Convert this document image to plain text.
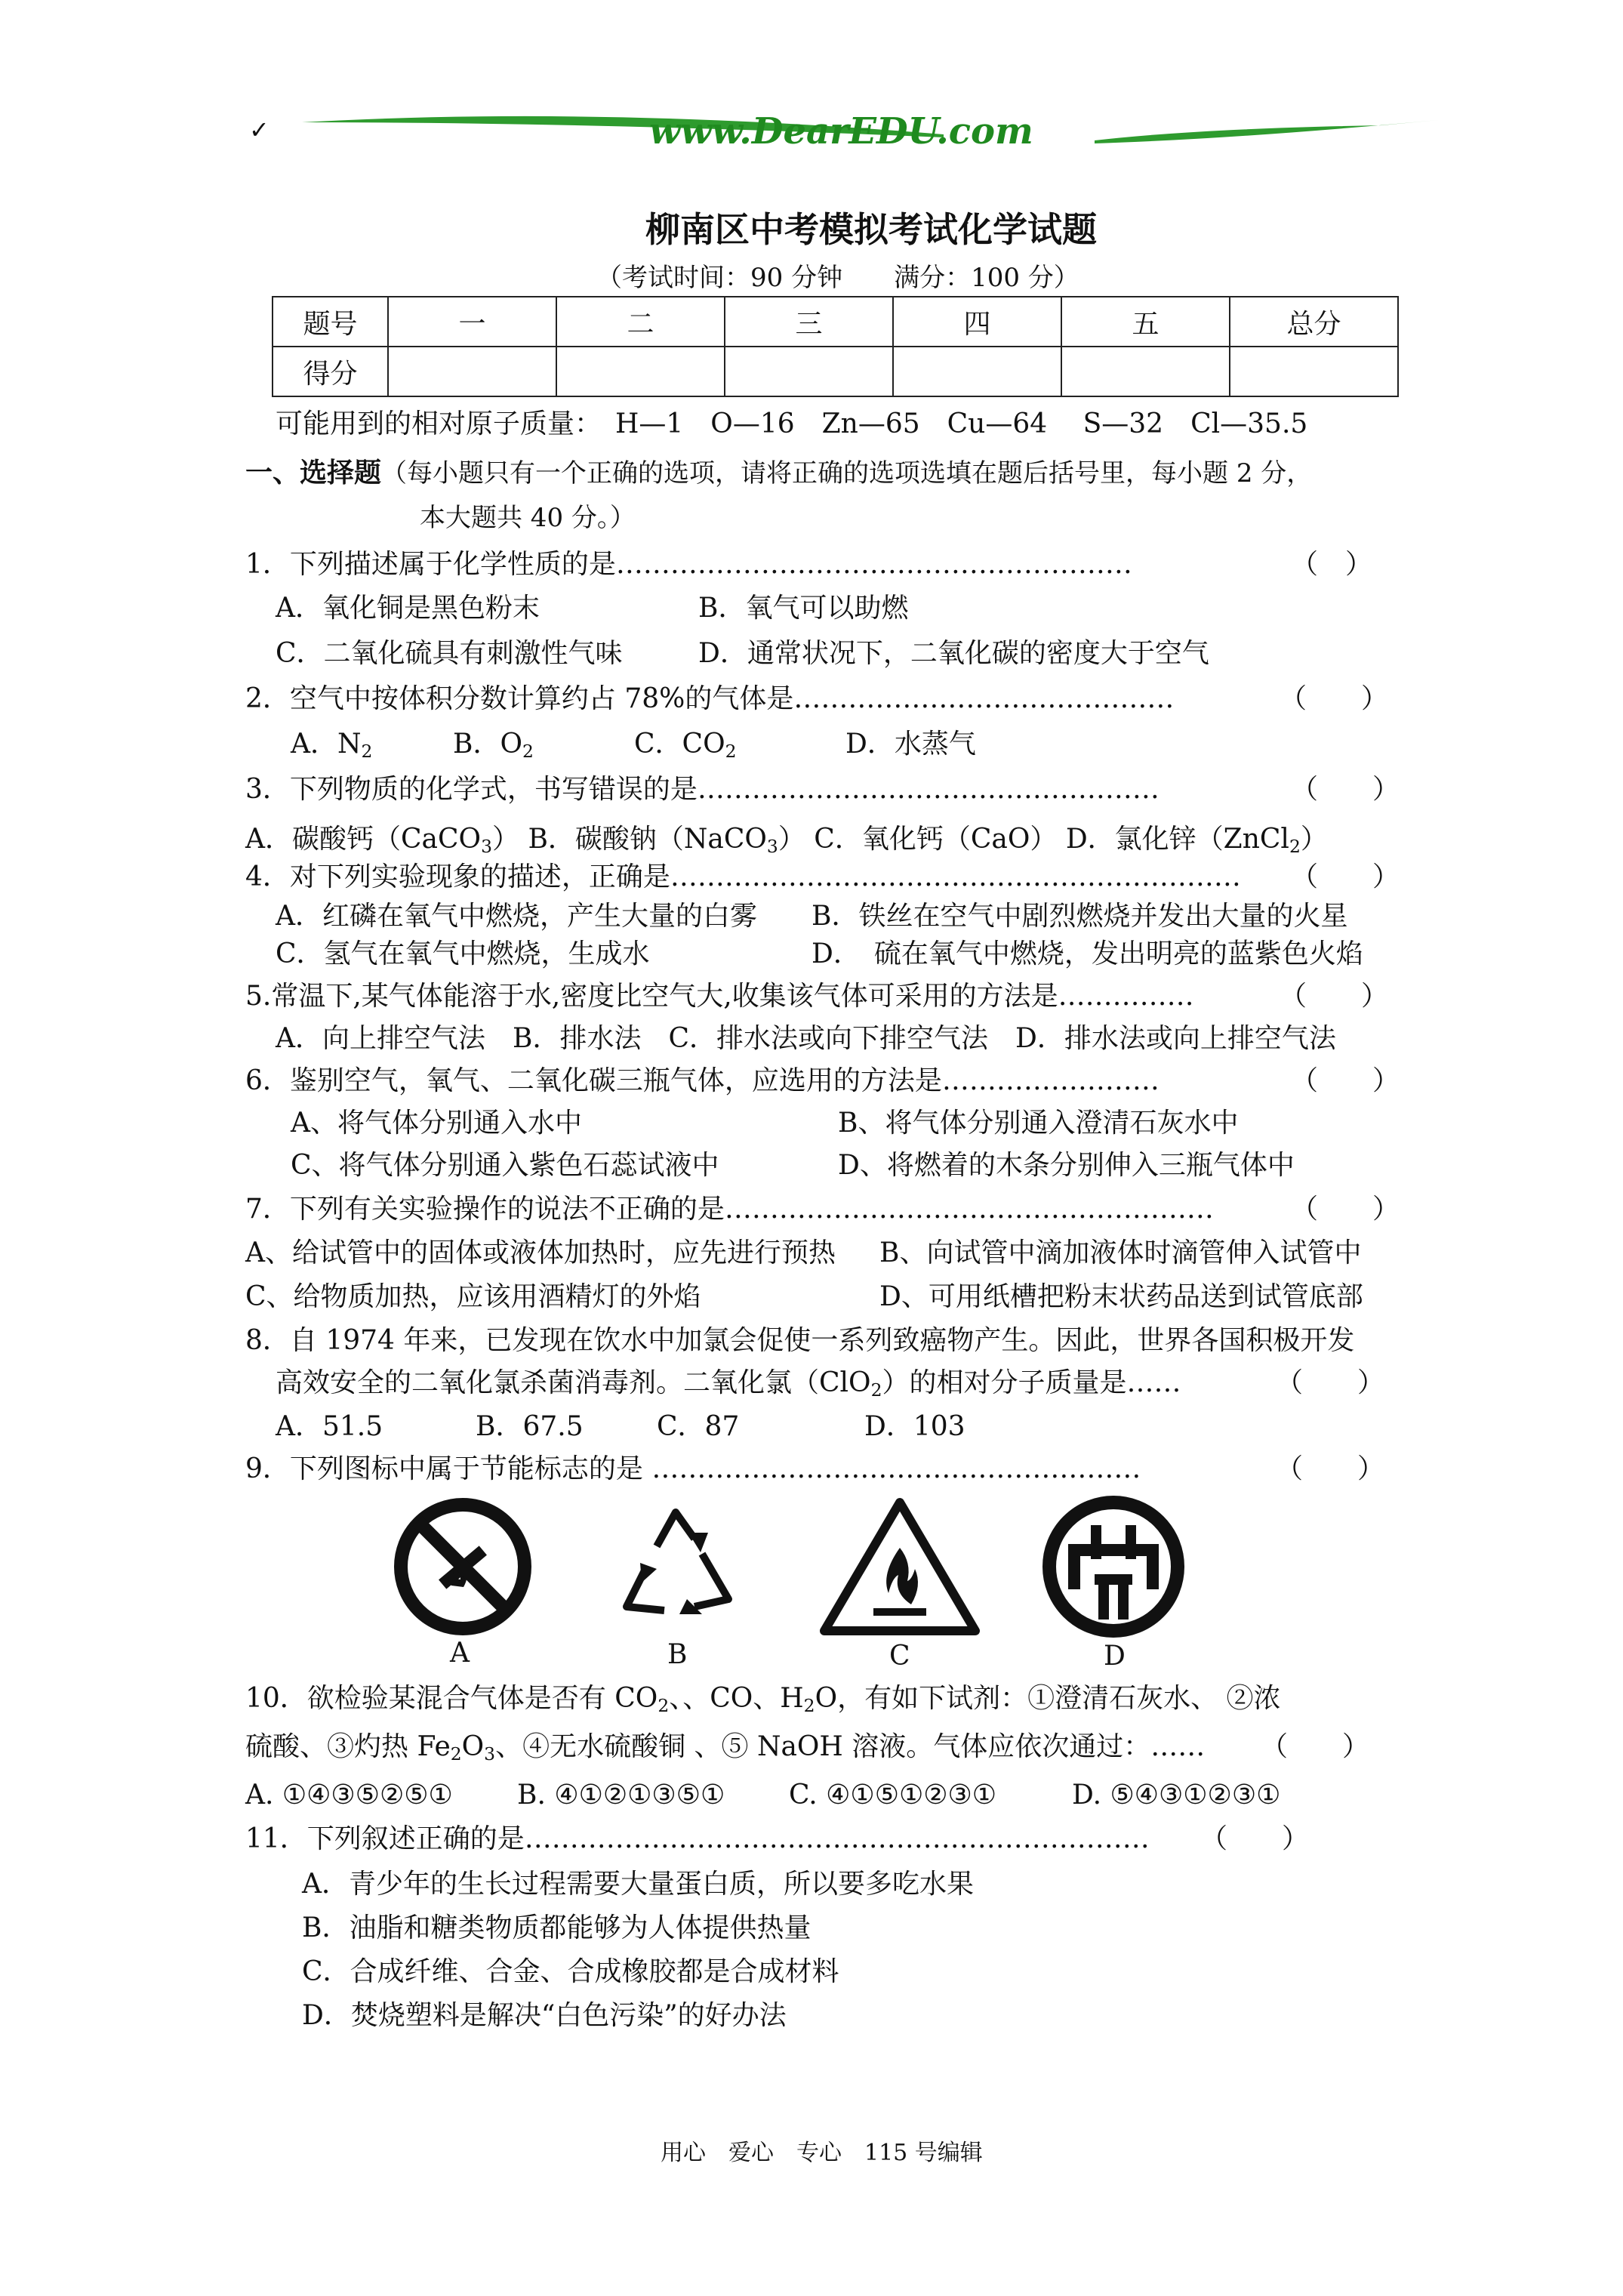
✓	www.DearEDU.com
柳南区中考模拟考试化学试题
（考试时间：90 分钟　　满分：100 分）
题号	一	二	三	四	五	总分
得分						
可能用到的相对原子质量：　H—1　O—16　Zn—65　Cu—64　 S—32　Cl—35.5
一、选择题（每小题只有一个正确的选项，请将正确的选项选填在题后括号里，每小题 2 分，
本大题共 40 分。）
1．下列描述属于化学性质的是…………………………………………………	（　）
A．氧化铜是黑色粉末	B．氧气可以助燃
C．二氧化硫具有刺激性气味	D．通常状况下，二氧化碳的密度大于空气
2．空气中按体积分数计算约占 78%的气体是……………………………………	（　　）
A．$N_2$	B．$O_2$	C．$CO_2$	D．水蒸气
3．下列物质的化学式，书写错误的是……………………………………………	（　　）
A．碳酸钙（CaCO$_3$） B．碳酸钠（NaCO$_3$） C．氧化钙（CaO） D．氯化锌（ZnCl$_2$）
4．对下列实验现象的描述，正确是……………………………………………………… （　　）
A．红磷在氧气中燃烧，产生大量的白雾 B．铁丝在空气中剧烈燃烧并发出大量的火星
C．氢气在氧气中燃烧，生成水	D．　硫在氧气中燃烧，发出明亮的蓝紫色火焰
5.常温下,某气体能溶于水,密度比空气大,收集该气体可采用的方法是……………	（　　）
A．向上排空气法　B．排水法　C．排水法或向下排空气法　D．排水法或向上排空气法
6．鉴别空气，氧气、二氧化碳三瓶气体，应选用的方法是……………………	（　　）
A、将气体分别通入水中	B、将气体分别通入澄清石灰水中
C、将气体分别通入紫色石蕊试液中	D、将燃着的木条分别伸入三瓶气体中
7．下列有关实验操作的说法不正确的是………………………………………………	（　　）
A、给试管中的固体或液体加热时，应先进行预热 B、向试管中滴加液体时滴管伸入试管中
C、给物质加热，应该用酒精灯的外焰	D、可用纸槽把粉末状药品送到试管底部
8．自 1974 年来，已发现在饮水中加氯会促使一系列致癌物产生。因此，世界各国积极开发
高效安全的二氧化氯杀菌消毒剂。二氧化氯（ClO$_2$）的相对分子质量是……	（　　）
A．51.5	B．67.5	C．87	D．103
9．下列图标中属于节能标志的是 ………………………………………………	（　　）
A	B	C	D
10．欲检验某混合气体是否有 $CO_2$、、CO、$H_2O$，有如下试剂：①澄清石灰水、 ②浓
硫酸、③灼热 $Fe_2O_3$、④无水硫酸铜 、⑤ NaOH 溶液。气体应依次通过：…… （　　）
A. ①④③⑤②⑤① B. ④①②①③⑤① C. ④①⑤①②③①	D. ⑤④③①②③①
11．下列叙述正确的是…………………………………………………………… （　　）
A．青少年的生长过程需要大量蛋白质，所以要多吃水果
B．油脂和糖类物质都能够为人体提供热量
C．合成纤维、合金、合成橡胶都是合成材料
D．焚烧塑料是解决“白色污染”的好办法
用心　爱心　专心　115 号编辑
